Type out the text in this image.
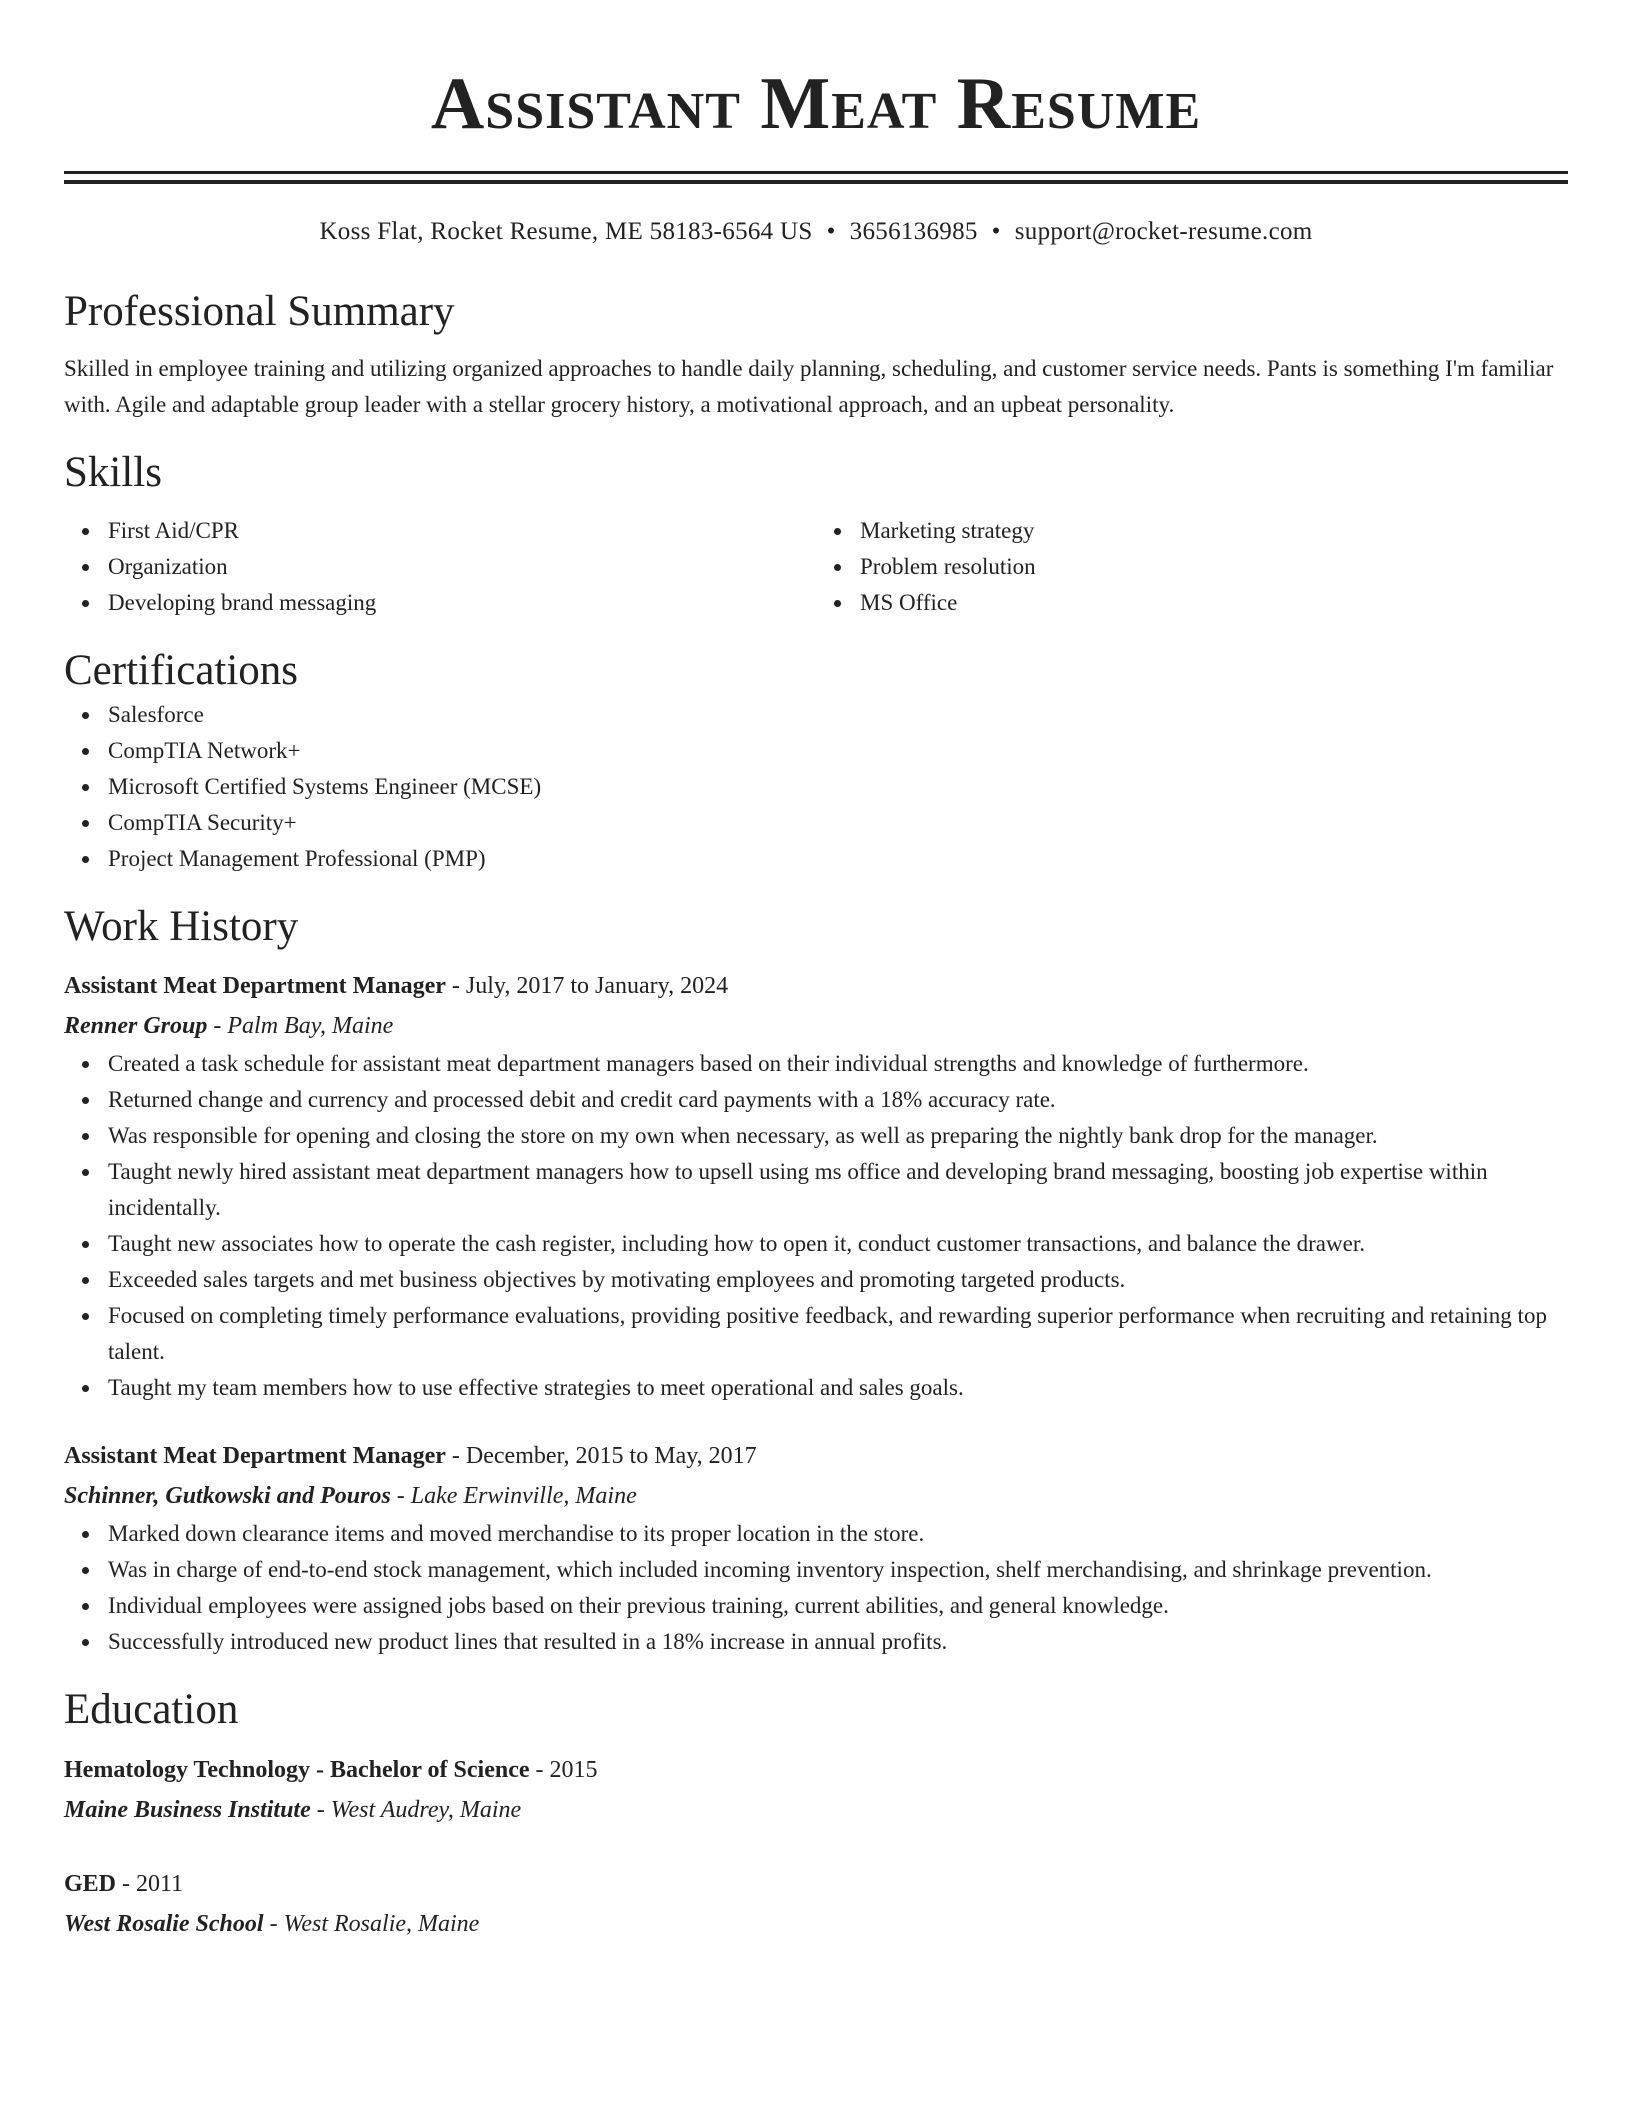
Assistant Meat Resume
Koss Flat, Rocket Resume, ME 58183-6564 US • 3656136985 • support@rocket-resume.com
Professional Summary

Skilled in employee training and utilizing organized approaches to handle daily planning, scheduling, and customer service needs. Pants is something I'm familiar with. Agile and adaptable group leader with a stellar grocery history, a motivational approach, and an upbeat personality.

Skills
First Aid/CPR
Organization
Developing brand messaging
Marketing strategy
Problem resolution
MS Office
Certifications
Salesforce
CompTIA Network+
Microsoft Certified Systems Engineer (MCSE)
CompTIA Security+
Project Management Professional (PMP)
Work History
Assistant Meat Department Manager - July, 2017 to January, 2024
Renner Group - Palm Bay, Maine
Created a task schedule for assistant meat department managers based on their individual strengths and knowledge of furthermore.
Returned change and currency and processed debit and credit card payments with a 18% accuracy rate.
Was responsible for opening and closing the store on my own when necessary, as well as preparing the nightly bank drop for the manager.
Taught newly hired assistant meat department managers how to upsell using ms office and developing brand messaging, boosting job expertise within incidentally.
Taught new associates how to operate the cash register, including how to open it, conduct customer transactions, and balance the drawer.
Exceeded sales targets and met business objectives by motivating employees and promoting targeted products.
Focused on completing timely performance evaluations, providing positive feedback, and rewarding superior performance when recruiting and retaining top talent.
Taught my team members how to use effective strategies to meet operational and sales goals.
Assistant Meat Department Manager - December, 2015 to May, 2017
Schinner, Gutkowski and Pouros - Lake Erwinville, Maine
Marked down clearance items and moved merchandise to its proper location in the store.
Was in charge of end-to-end stock management, which included incoming inventory inspection, shelf merchandising, and shrinkage prevention.
Individual employees were assigned jobs based on their previous training, current abilities, and general knowledge.
Successfully introduced new product lines that resulted in a 18% increase in annual profits.
Education
Hematology Technology - Bachelor of Science - 2015
Maine Business Institute - West Audrey, Maine
GED - 2011
West Rosalie School - West Rosalie, Maine
